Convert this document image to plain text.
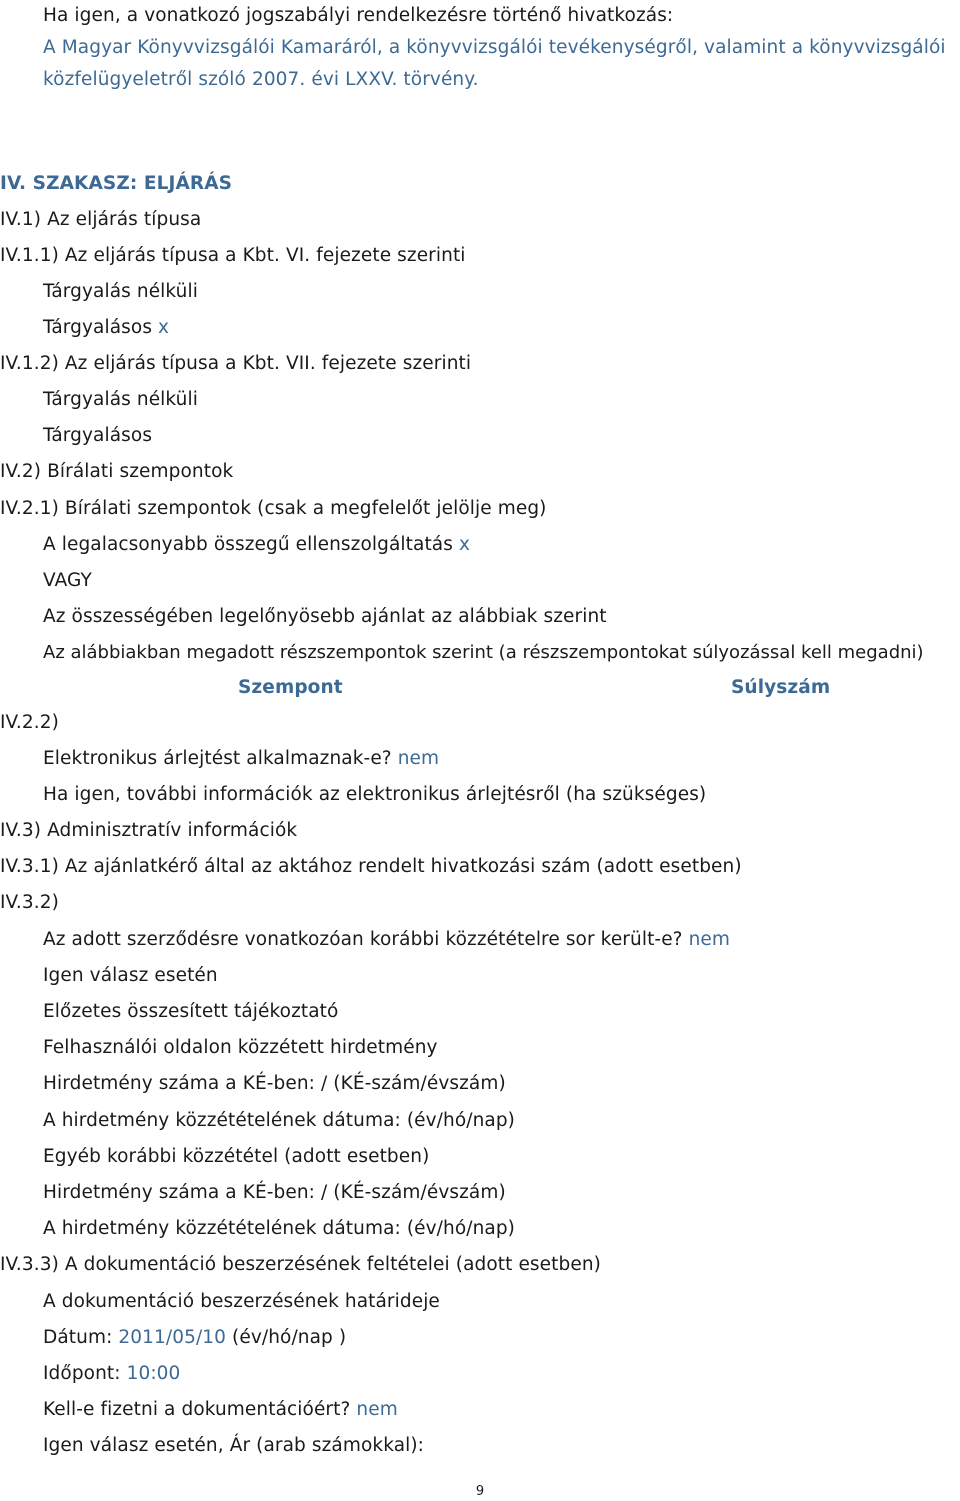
Ha igen, a vonatkozó jogszabályi rendelkezésre történő hivatkozás:
A Magyar Könyvvizsgálói Kamaráról, a könyvvizsgálói tevékenységről, valamint a könyvvizsgálói
közfelügyeletről szóló 2007. évi LXXV. törvény.
IV. SZAKASZ: ELJÁRÁS
IV.1) Az eljárás típusa
IV.1.1) Az eljárás típusa a Kbt. VI. fejezete szerinti
Tárgyalás nélküli
Tárgyalásos x
IV.1.2) Az eljárás típusa a Kbt. VII. fejezete szerinti
Tárgyalás nélküli
Tárgyalásos
IV.2) Bírálati szempontok
IV.2.1) Bírálati szempontok (csak a megfelelőt jelölje meg)
A legalacsonyabb összegű ellenszolgáltatás x
VAGY
Az összességében legelőnyösebb ajánlat az alábbiak szerint
Az alábbiakban megadott részszempontok szerint (a részszempontokat súlyozással kell megadni)
Szempont	Súlyszám
IV.2.2)
Elektronikus árlejtést alkalmaznak-e? nem
Ha igen, további információk az elektronikus árlejtésről (ha szükséges)
IV.3) Adminisztratív információk
IV.3.1) Az ajánlatkérő által az aktához rendelt hivatkozási szám (adott esetben)
IV.3.2)
Az adott szerződésre vonatkozóan korábbi közzétételre sor került-e? nem
Igen válasz esetén
Előzetes összesített tájékoztató
Felhasználói oldalon közzétett hirdetmény
Hirdetmény száma a KÉ-ben: / (KÉ-szám/évszám)
A hirdetmény közzétételének dátuma: (év/hó/nap)
Egyéb korábbi közzététel (adott esetben)
Hirdetmény száma a KÉ-ben: / (KÉ-szám/évszám)
A hirdetmény közzétételének dátuma: (év/hó/nap)
IV.3.3) A dokumentáció beszerzésének feltételei (adott esetben)
A dokumentáció beszerzésének határideje
Dátum: 2011/05/10 (év/hó/nap )
Időpont: 10:00
Kell-e fizetni a dokumentációért? nem
Igen válasz esetén, Ár (arab számokkal):
9
